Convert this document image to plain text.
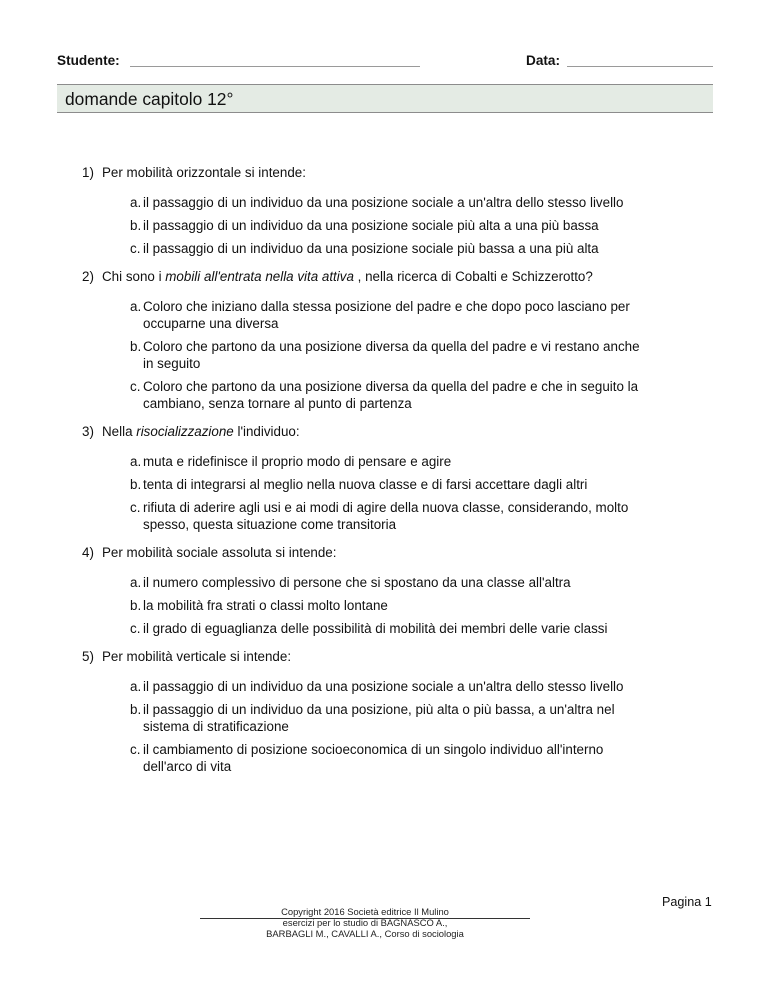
Studente:	Data:
domande capitolo 12°
1) Per mobilità orizzontale si intende:
a. il passaggio di un individuo da una posizione sociale a un'altra dello stesso livello
b. il passaggio di un individuo da una posizione sociale più alta a una più bassa
c. il passaggio di un individuo da una posizione sociale più bassa a una più alta
2) Chi sono i mobili all'entrata nella vita attiva , nella ricerca di Cobalti e Schizzerotto?
a. Coloro che iniziano dalla stessa posizione del padre e che dopo poco lasciano per occuparne una diversa
b. Coloro che partono da una posizione diversa da quella del padre e vi restano anche in seguito
c. Coloro che partono da una posizione diversa da quella del padre e che in seguito la cambiano, senza tornare al punto di partenza
3) Nella risocializzazione l'individuo:
a. muta e ridefinisce il proprio modo di pensare e agire
b. tenta di integrarsi al meglio nella nuova classe e di farsi accettare dagli altri
c. rifiuta di aderire agli usi e ai modi di agire della nuova classe, considerando, molto spesso, questa situazione come transitoria
4) Per mobilità sociale assoluta si intende:
a. il numero complessivo di persone che si spostano da una classe all'altra
b. la mobilità fra strati o classi molto lontane
c. il grado di eguaglianza delle possibilità di mobilità dei membri delle varie classi
5) Per mobilità verticale si intende:
a. il passaggio di un individuo da una posizione sociale a un'altra dello stesso livello
b. il passaggio di un individuo da una posizione, più alta o più bassa, a un'altra nel sistema di stratificazione
c. il cambiamento di posizione socioeconomica di un singolo individuo all'interno dell'arco di vita
Pagina 1
Copyright 2016 Società editrice Il Mulino
esercizi per lo studio di BAGNASCO A.,
BARBAGLI M., CAVALLI A., Corso di sociologia
